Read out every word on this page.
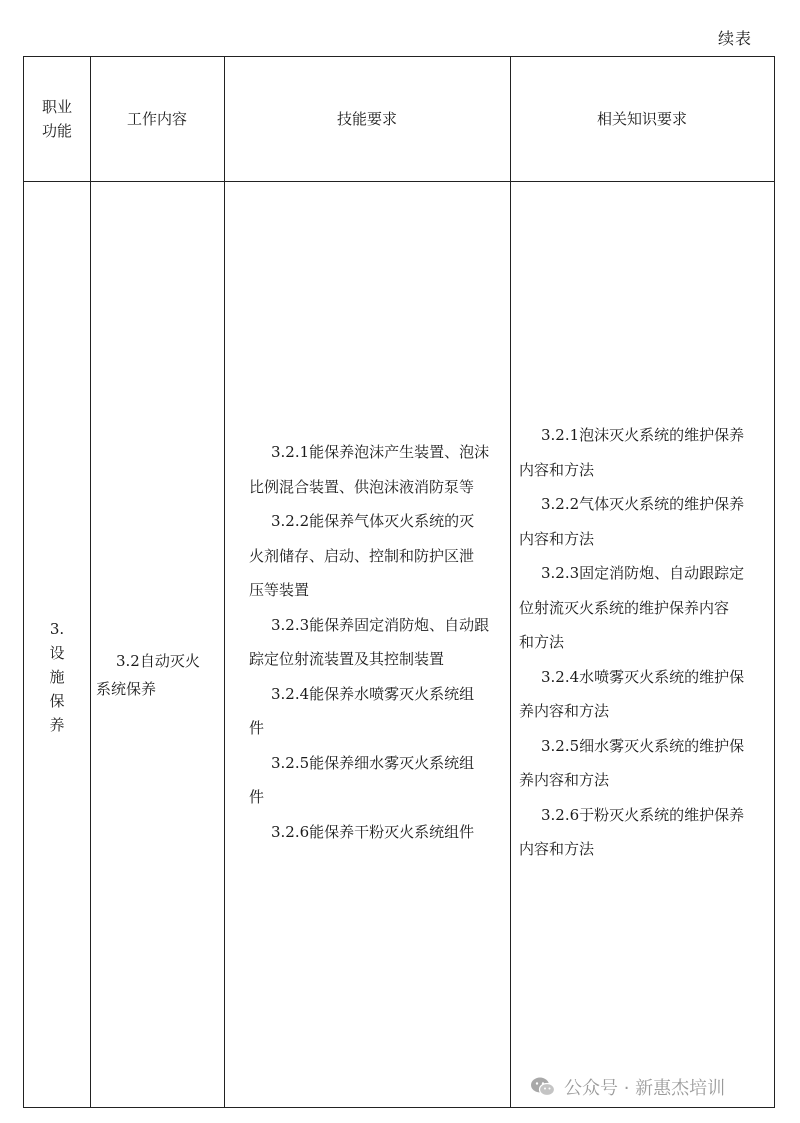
续表
职业
功能
工作内容	技能要求	相关知识要求
3.
设
施
保
养
3.2自动灭火
系统保养
3.2.1能保养泡沫产生装置、泡沫
比例混合装置、供泡沫液消防泵等
3.2.2能保养气体灭火系统的灭
火剂储存、启动、控制和防护区泄
压等装置
3.2.3能保养固定消防炮、自动跟
踪定位射流装置及其控制装置
3.2.4能保养水喷雾灭火系统组
件
3.2.5能保养细水雾灭火系统组
件
3.2.6能保养干粉灭火系统组件
3.2.1泡沫灭火系统的维护保养
内容和方法
3.2.2气体灭火系统的维护保养
内容和方法
3.2.3固定消防炮、自动跟踪定
位射流灭火系统的维护保养内容
和方法
3.2.4水喷雾灭火系统的维护保
养内容和方法
3.2.5细水雾灭火系统的维护保
养内容和方法
3.2.6于粉灭火系统的维护保养
内容和方法
公众号 · 新惠杰培训
